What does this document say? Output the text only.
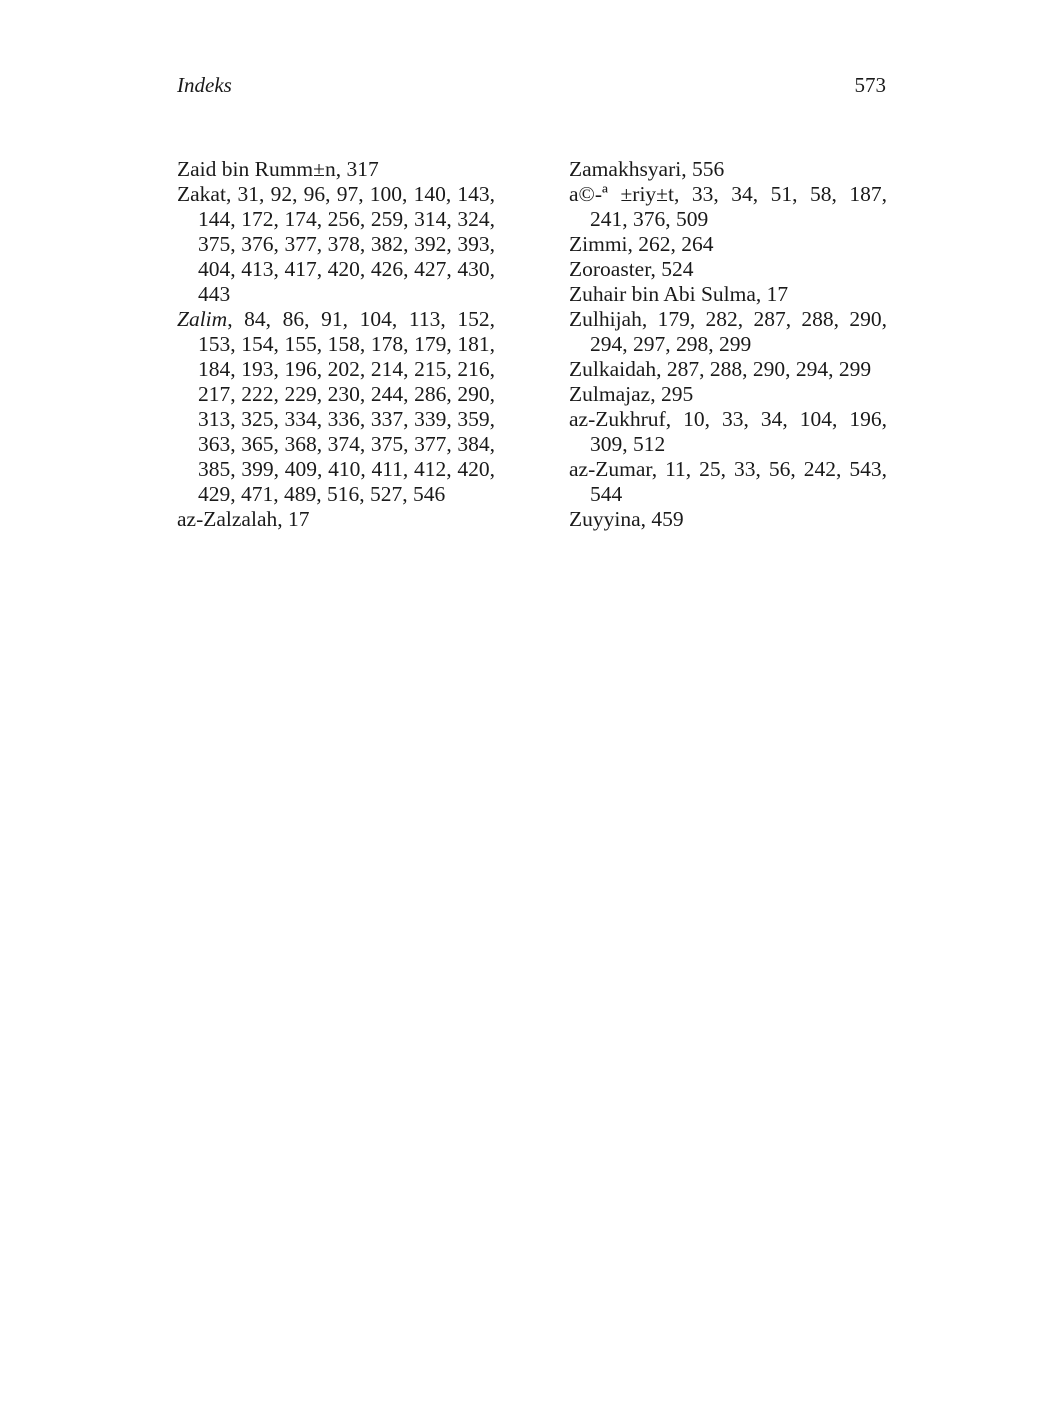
Indeks	573

Zaid bin Rumm±n, 317

Zakat, 31, 92, 96, 97, 100, 140, 143, 144, 172, 174, 256, 259, 314, 324, 375, 376, 377, 378, 382, 392, 393, 404, 413, 417, 420, 426, 427, 430, 443

Zalim, 84, 86, 91, 104, 113, 152, 153, 154, 155, 158, 178, 179, 181, 184, 193, 196, 202, 214, 215, 216, 217, 222, 229, 230, 244, 286, 290, 313, 325, 334, 336, 337, 339, 359, 363, 365, 368, 374, 375, 377, 384, 385, 399, 409, 410, 411, 412, 420, 429, 471, 489, 516, 527, 546

az-Zalzalah, 17

Zamakhsyari, 556

a©-ª ±riy±t, 33, 34, 51, 58, 187, 241, 376, 509

Zimmi, 262, 264

Zoroaster, 524

Zuhair bin Abi Sulma, 17

Zulhijah, 179, 282, 287, 288, 290, 294, 297, 298, 299

Zulkaidah, 287, 288, 290, 294, 299

Zulmajaz, 295

az-Zukhruf, 10, 33, 34, 104, 196, 309, 512

az-Zumar, 11, 25, 33, 56, 242, 543, 544

Zuyyina, 459
